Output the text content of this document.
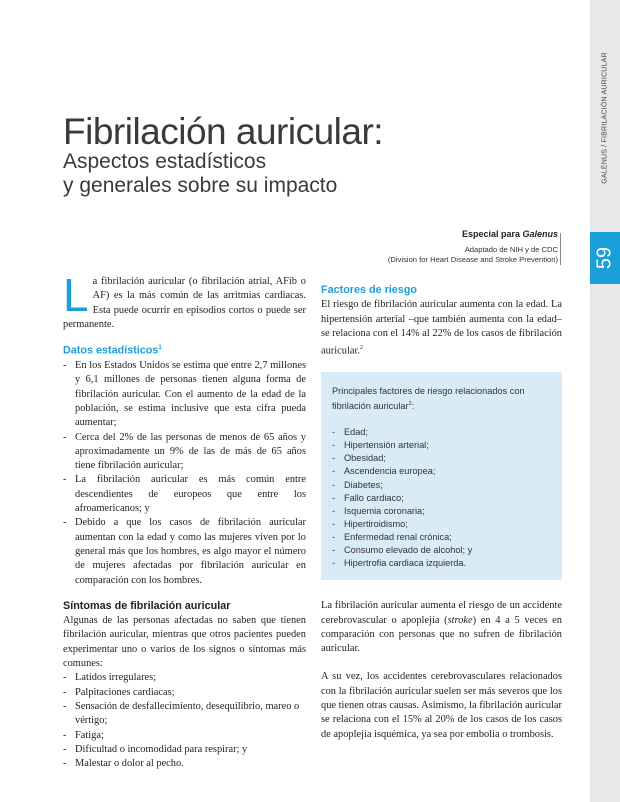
GALENUS / FIBRILACIÓN AURICULAR
59
Fibrilación auricular:
Aspectos estadísticos
y generales sobre su impacto
Especial para Galenus
Adaptado de NIH y de CDC
(Division for Heart Disease and Stroke Prevention)

La fibrilación auricular (o fibrilación atrial, AFib o AF) es la más común de las arritmias cardiacas. Esta puede ocurrir en episodios cortos o puede ser permanente.

Datos estadísticos$^1$
- En los Estados Unidos se estima que entre 2,7 millones y 6,1 millones de personas tienen alguna forma de fibrilación auricular. Con el aumento de la edad de la población, se estima inclusive que esta cifra pueda aumentar;
- Cerca del 2% de las personas de menos de 65 años y aproximadamente un 9% de las de más de 65 años tiene fibrilación auricular;
- La fibrilación auricular es más común entre descendientes de europeos que entre los afroamericanos; y
- Debido a que los casos de fibrilación auricular aumentan con la edad y como las mujeres viven por lo general más que los hombres, es algo mayor el número de mujeres afectadas por fibrilación auricular en comparación con los hombres.
Síntomas de fibrilación auricular

Algunas de las personas afectadas no saben que tienen fibrilación auricular, mientras que otros pacientes pueden experimentar uno o varios de los signos o síntomas más comunes:

- Latidos irregulares;
- Palpitaciones cardiacas;
- Sensación de desfallecimiento, desequilibrio, mareo o vértigo;
- Fatiga;
- Dificultad o incomodidad para respirar; y
- Malestar o dolor al pecho.
Factores de riesgo

El riesgo de fibrilación auricular aumenta con la edad. La hipertensión arterial –que también aumenta con la edad– se relaciona con el 14% al 22% de los casos de fibrilación auricular.$^2$

Principales factores de riesgo relacionados con fibrilación auricular$^2$:
- Edad;
- Hipertensión arterial;
- Obesidad;
- Ascendencia europea;
- Diabetes;
- Fallo cardiaco;
- Isquemia coronaria;
- Hipertiroidismo;
- Enfermedad renal crónica;
- Consumo elevado de alcohol; y
- Hipertrofia cardiaca izquierda.

La fibrilación auricular aumenta el riesgo de un accidente cerebrovascular o apoplejía (stroke) en 4 a 5 veces en comparación con personas que no sufren de fibrilación auricular.

A su vez, los accidentes cerebrovasculares relacionados con la fibrilación auricular suelen ser más severos que los que tienen otras causas. Asimismo, la fibrilación auricular se relaciona con el 15% al 20% de los casos de los casos de apoplejía isquémica, ya sea por embolia o trombosis.
